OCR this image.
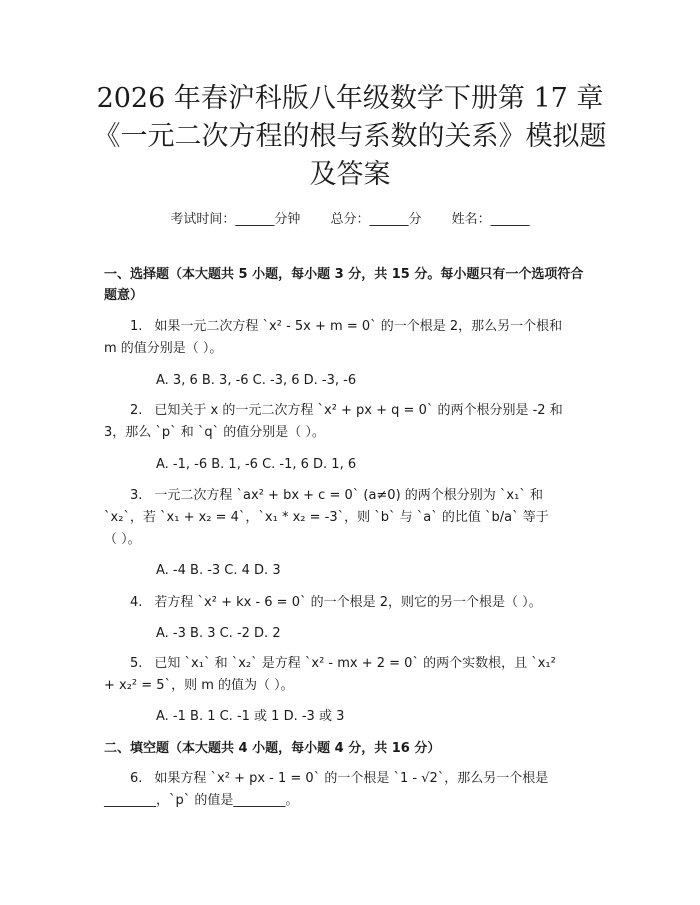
2026 年春沪科版八年级数学下册第 17 章
《一元二次方程的根与系数的关系》模拟题
及答案
考试时间：______分钟 总分：______分 姓名：______
一、选择题（本大题共 5 小题，每小题 3 分，共 15 分。每小题只有一个选项符合
题意）
1. 如果一元二次方程 `x² - 5x + m = 0` 的一个根是 2，那么另一个根和
m 的值分别是（ ）。
A. 3, 6 B. 3, -6 C. -3, 6 D. -3, -6
2. 已知关于 x 的一元二次方程 `x² + px + q = 0` 的两个根分别是 -2 和
3，那么 `p` 和 `q` 的值分别是（ ）。
A. -1, -6 B. 1, -6 C. -1, 6 D. 1, 6
3. 一元二次方程 `ax² + bx + c = 0` (a≠0) 的两个根分别为 `x₁` 和
`x₂`，若 `x₁ + x₂ = 4`，`x₁ * x₂ = -3`，则 `b` 与 `a` 的比值 `b/a` 等于
（ ）。
A. -4 B. -3 C. 4 D. 3
4. 若方程 `x² + kx - 6 = 0` 的一个根是 2，则它的另一个根是（ ）。
A. -3 B. 3 C. -2 D. 2
5. 已知 `x₁` 和 `x₂` 是方程 `x² - mx + 2 = 0` 的两个实数根，且 `x₁²
+ x₂² = 5`，则 m 的值为（ ）。
A. -1 B. 1 C. -1 或 1 D. -3 或 3
二、填空题（本大题共 4 小题，每小题 4 分，共 16 分）
6. 如果方程 `x² + px - 1 = 0` 的一个根是 `1 - √2`，那么另一个根是
________，`p` 的值是________。
